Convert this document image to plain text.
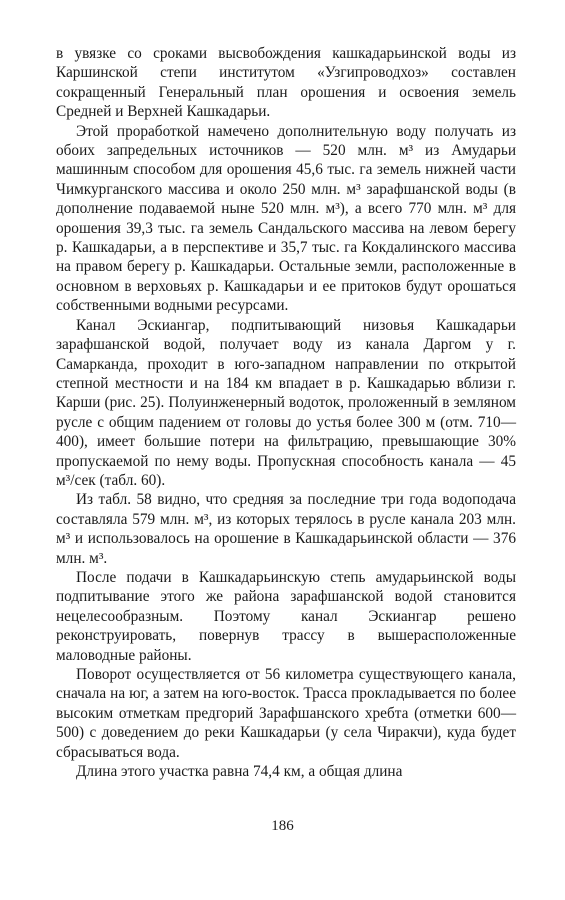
в увязке со сроками высвобождения кашкадарьинской воды из Каршинской степи институтом «Узгипроводхоз» составлен сокращенный Генеральный план орошения и освоения земель Средней и Верхней Кашкадарьи.

Этой проработкой намечено дополнительную воду получать из обоих запредельных источников — 520 млн. м³ из Амударьи машинным способом для орошения 45,6 тыс. га земель нижней части Чимкурганского массива и около 250 млн. м³ зарафшанской воды (в дополнение подаваемой ныне 520 млн. м³), а всего 770 млн. м³ для орошения 39,3 тыс. га земель Сандальского массива на левом берегу р. Кашкадарьи, а в перспективе и 35,7 тыс. га Кокдалинского массива на правом берегу р. Кашкадарьи. Остальные земли, расположенные в основном в верховьях р. Кашкадарьи и ее притоков будут орошаться собственными водными ресурсами.

Канал Эскиангар, подпитывающий низовья Кашкадарьи зарафшанской водой, получает воду из канала Даргом у г. Самарканда, проходит в юго-западном направлении по открытой степной местности и на 184 км впадает в р. Кашкадарью вблизи г. Карши (рис. 25). Полуинженерный водоток, проложенный в земляном русле с общим падением от головы до устья более 300 м (отм. 710—400), имеет большие потери на фильтрацию, превышающие 30% пропускаемой по нему воды. Пропускная способность канала — 45 м³/сек (табл. 60).

Из табл. 58 видно, что средняя за последние три года водоподача составляла 579 млн. м³, из которых терялось в русле канала 203 млн. м³ и использовалось на орошение в Кашкадарьинской области — 376 млн. м³.

После подачи в Кашкадарьинскую степь амударьинской воды подпитывание этого же района зарафшанской водой становится нецелесообразным. Поэтому канал Эскиангар решено реконструировать, повернув трассу в вышерасположенные маловодные районы.

Поворот осуществляется от 56 километра существующего канала, сначала на юг, а затем на юго-восток. Трасса прокладывается по более высоким отметкам предгорий Зарафшанского хребта (отметки 600—500) с доведением до реки Кашкадарьи (у села Чиракчи), куда будет сбрасываться вода.

Длина этого участка равна 74,4 км, а общая длина

186
